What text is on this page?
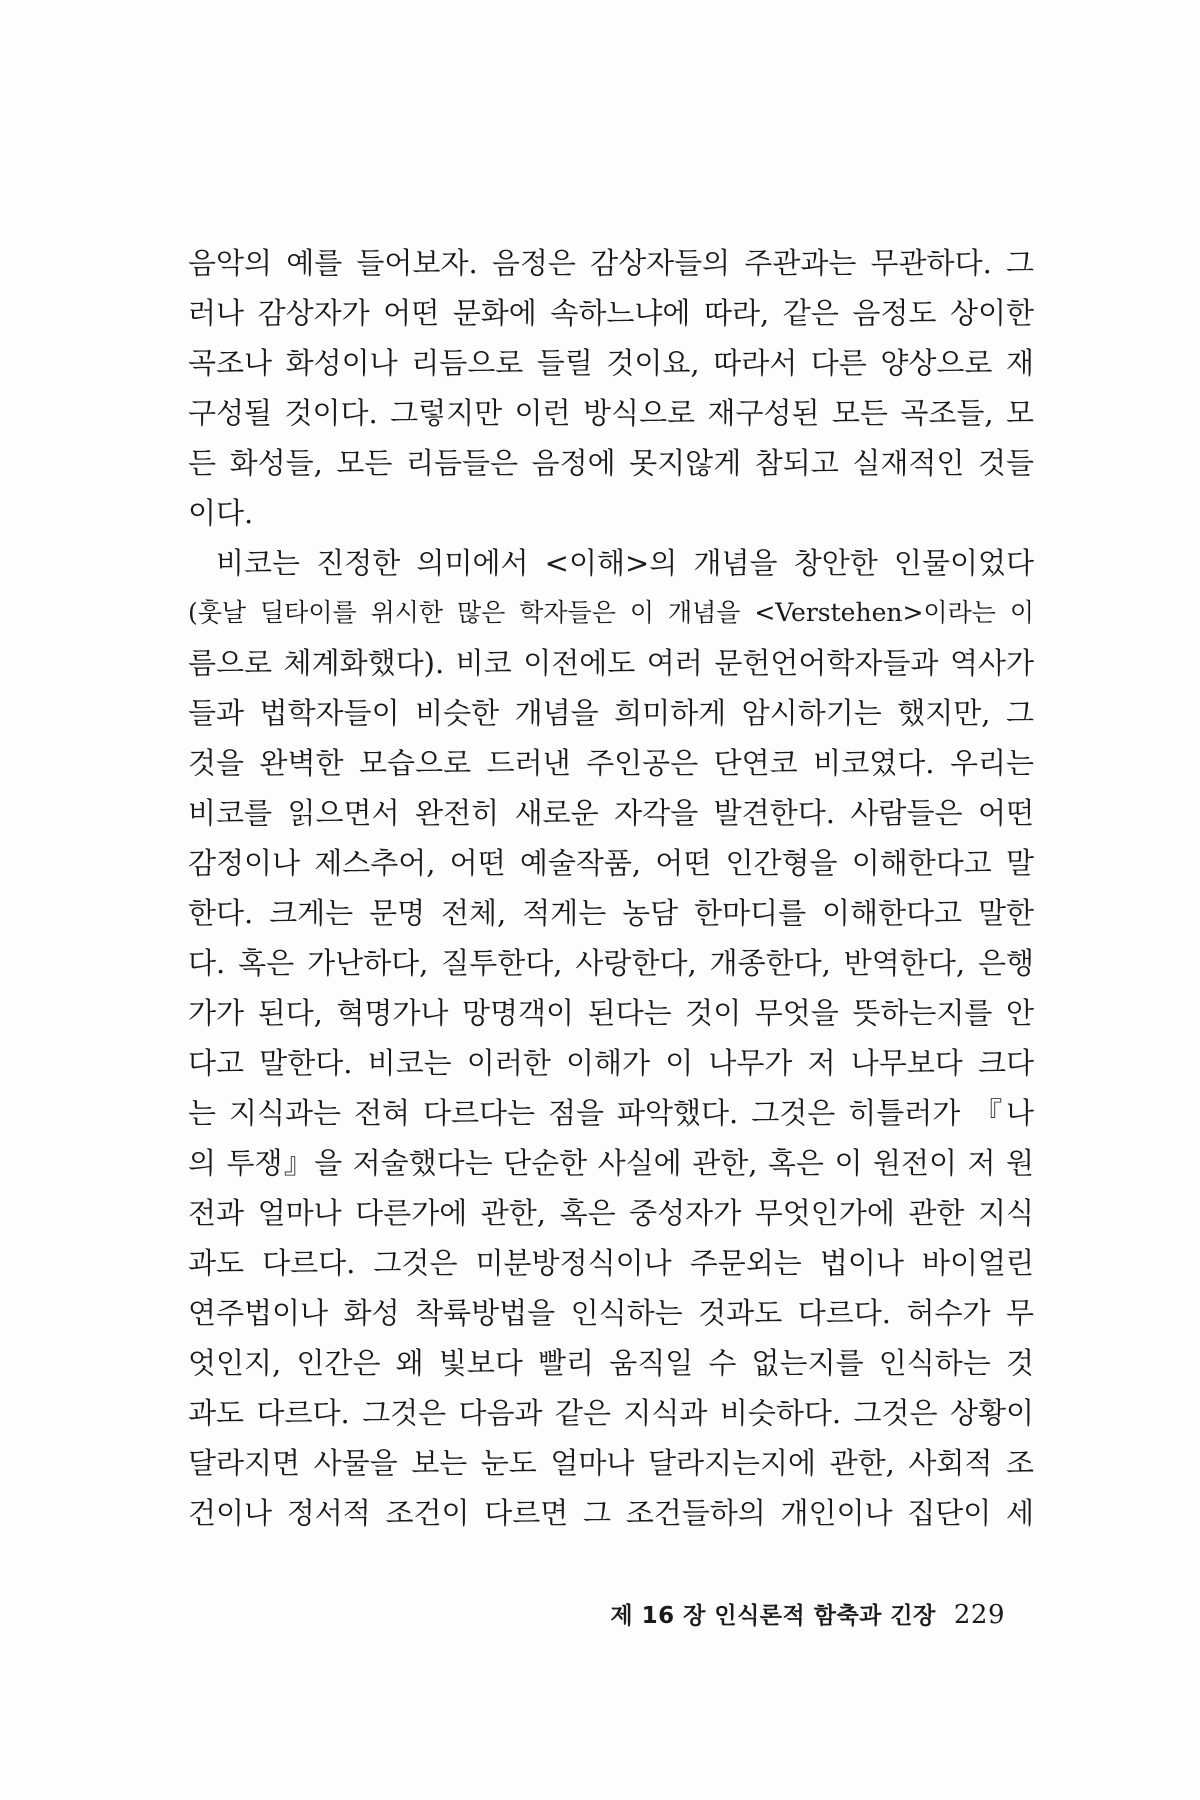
음악의 예를 들어보자. 음정은 감상자들의 주관과는 무관하다. 그
러나 감상자가 어떤 문화에 속하느냐에 따라, 같은 음정도 상이한
곡조나 화성이나 리듬으로 들릴 것이요, 따라서 다른 양상으로 재
구성될 것이다. 그렇지만 이런 방식으로 재구성된 모든 곡조들, 모
든 화성들, 모든 리듬들은 음정에 못지않게 참되고 실재적인 것들
이다.
비코는 진정한 의미에서 <이해>의 개념을 창안한 인물이었다
(훗날 딜타이를 위시한 많은 학자들은 이 개념을 <Verstehen>이라는 이
름으로 체계화했다). 비코 이전에도 여러 문헌언어학자들과 역사가
들과 법학자들이 비슷한 개념을 희미하게 암시하기는 했지만, 그
것을 완벽한 모습으로 드러낸 주인공은 단연코 비코였다. 우리는
비코를 읽으면서 완전히 새로운 자각을 발견한다. 사람들은 어떤
감정이나 제스추어, 어떤 예술작품, 어떤 인간형을 이해한다고 말
한다. 크게는 문명 전체, 적게는 농담 한마디를 이해한다고 말한
다. 혹은 가난하다, 질투한다, 사랑한다, 개종한다, 반역한다, 은행
가가 된다, 혁명가나 망명객이 된다는 것이 무엇을 뜻하는지를 안
다고 말한다. 비코는 이러한 이해가 이 나무가 저 나무보다 크다
는 지식과는 전혀 다르다는 점을 파악했다. 그것은 히틀러가 『나
의 투쟁』을 저술했다는 단순한 사실에 관한, 혹은 이 원전이 저 원
전과 얼마나 다른가에 관한, 혹은 중성자가 무엇인가에 관한 지식
과도 다르다. 그것은 미분방정식이나 주문외는 법이나 바이얼린
연주법이나 화성 착륙방법을 인식하는 것과도 다르다. 허수가 무
엇인지, 인간은 왜 빛보다 빨리 움직일 수 없는지를 인식하는 것
과도 다르다. 그것은 다음과 같은 지식과 비슷하다. 그것은 상황이
달라지면 사물을 보는 눈도 얼마나 달라지는지에 관한, 사회적 조
건이나 정서적 조건이 다르면 그 조건들하의 개인이나 집단이 세
제 16 장 인식론적 함축과 긴장 229
